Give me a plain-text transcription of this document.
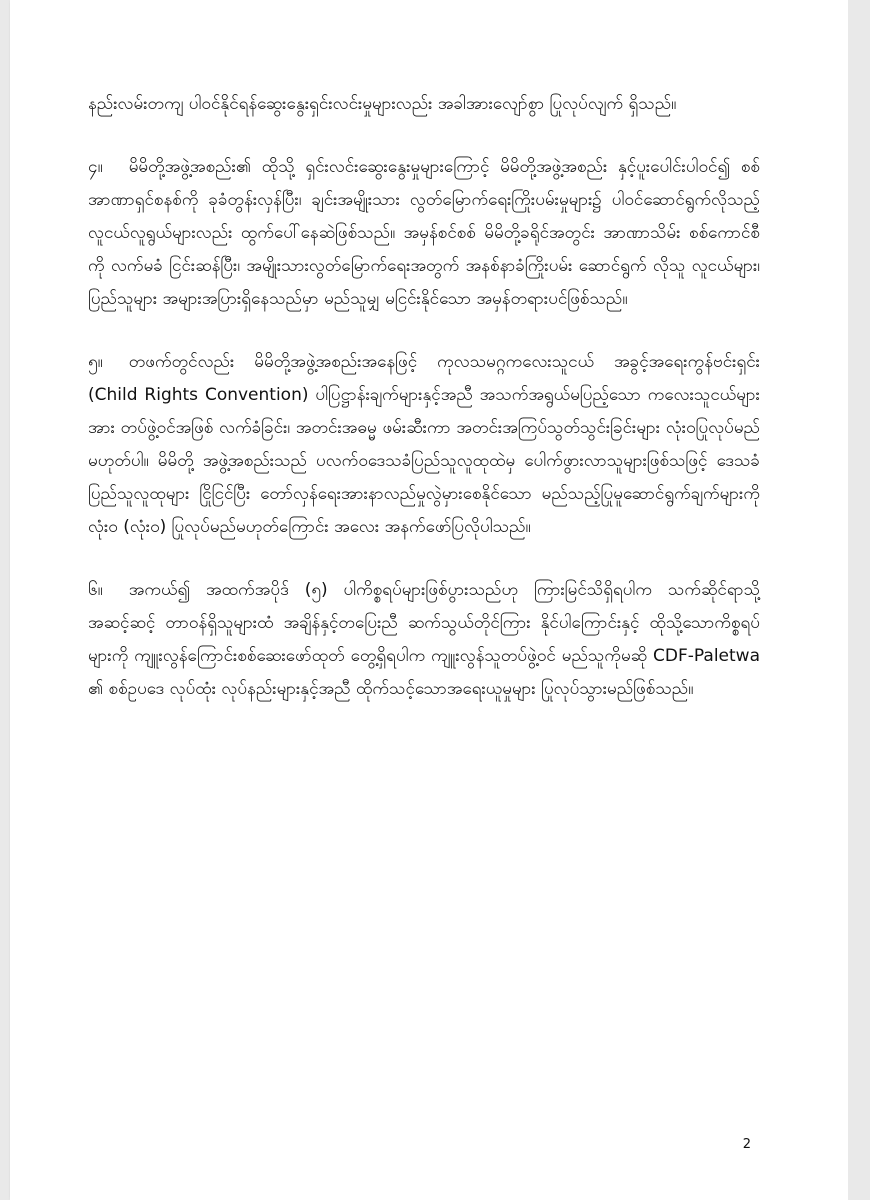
နည်းလမ်းတကျ ပါဝင်နိုင်ရန်ဆွေးနွေးရှင်းလင်းမှုများလည်း အခါအားလျော်စွာ ပြုလုပ်လျက် ရှိသည်။

၄။ မိမိတို့အဖွဲ့အစည်း၏ ထိုသို့ ရှင်းလင်းဆွေးနွေးမှုများကြောင့် မိမိတို့အဖွဲ့အစည်း နှင့်ပူးပေါင်းပါဝင်၍ စစ်အာဏာရှင်စနစ်ကို ခုခံတွန်းလှန်ပြီး၊ ချင်းအမျိုးသား လွတ်မြောက်ရေးကြိုးပမ်းမှုများ၌ ပါဝင်ဆောင်ရွက်လိုသည့် လူငယ်လူရွယ်များလည်း ထွက်ပေါ်နေဆဲဖြစ်သည်။ အမှန်စင်စစ် မိမိတို့ခရိုင်အတွင်း အာဏာသိမ်း စစ်ကောင်စီကို လက်မခံ ငြင်းဆန်ပြီး၊ အမျိုးသားလွတ်မြောက်ရေးအတွက် အနစ်နာခံကြိုးပမ်း ဆောင်ရွက် လိုသူ လူငယ်များ၊ ပြည်သူများ အများအပြားရှိနေသည်မှာ မည်သူမျှ မငြင်းနိုင်သော အမှန်တရားပင်ဖြစ်သည်။

၅။ တဖက်တွင်လည်း မိမိတို့အဖွဲ့အစည်းအနေဖြင့် ကုလသမဂ္ဂကလေးသူငယ် အခွင့်အရေးကွန်ဗင်းရှင်း (Child Rights Convention) ပါပြဋ္ဌာန်းချက်များနှင့်အညီ အသက်အရွယ်မပြည့်သော ကလေးသူငယ်များအား တပ်ဖွဲ့ဝင်အဖြစ် လက်ခံခြင်း၊ အတင်းအဓမ္မ ဖမ်းဆီးကာ အတင်းအကြပ်သွတ်သွင်းခြင်းများ လုံးဝပြုလုပ်မည် မဟုတ်ပါ။ မိမိတို့ အဖွဲ့အစည်းသည် ပလက်ဝဒေသခံပြည်သူလူထုထဲမှ ပေါက်ဖွားလာသူများဖြစ်သဖြင့် ဒေသခံပြည်သူလူထုများ ငြိုငြင်ပြီး တော်လှန်ရေးအားနာလည်မှုလွဲမှားစေနိုင်သော မည်သည့်ပြုမူဆောင်ရွက်ချက်များကို လုံးဝ (လုံးဝ) ပြုလုပ်မည်မဟုတ်ကြောင်း အလေး အနက်ဖော်ပြလိုပါသည်။

၆။ အကယ်၍ အထက်အပိုဒ် (၅) ပါကိစ္စရပ်များဖြစ်ပွားသည်ဟု ကြားမြင်သိရှိရပါက သက်ဆိုင်ရာသို့ အဆင့်ဆင့် တာဝန်ရှိသူများထံ အချိန်နှင့်တပြေးညီ ဆက်သွယ်တိုင်ကြား နိုင်ပါကြောင်းနှင့် ထိုသို့သောကိစ္စရပ်များကို ကျူးလွန်ကြောင်းစစ်ဆေးဖော်ထုတ် တွေ့ရှိရပါက ကျူးလွန်သူတပ်ဖွဲ့ဝင် မည်သူကိုမဆို CDF-Paletwa ၏ စစ်ဥပဒေ လုပ်ထုံး လုပ်နည်းများနှင့်အညီ ထိုက်သင့်သောအရေးယူမှုများ ပြုလုပ်သွားမည်ဖြစ်သည်။

2
